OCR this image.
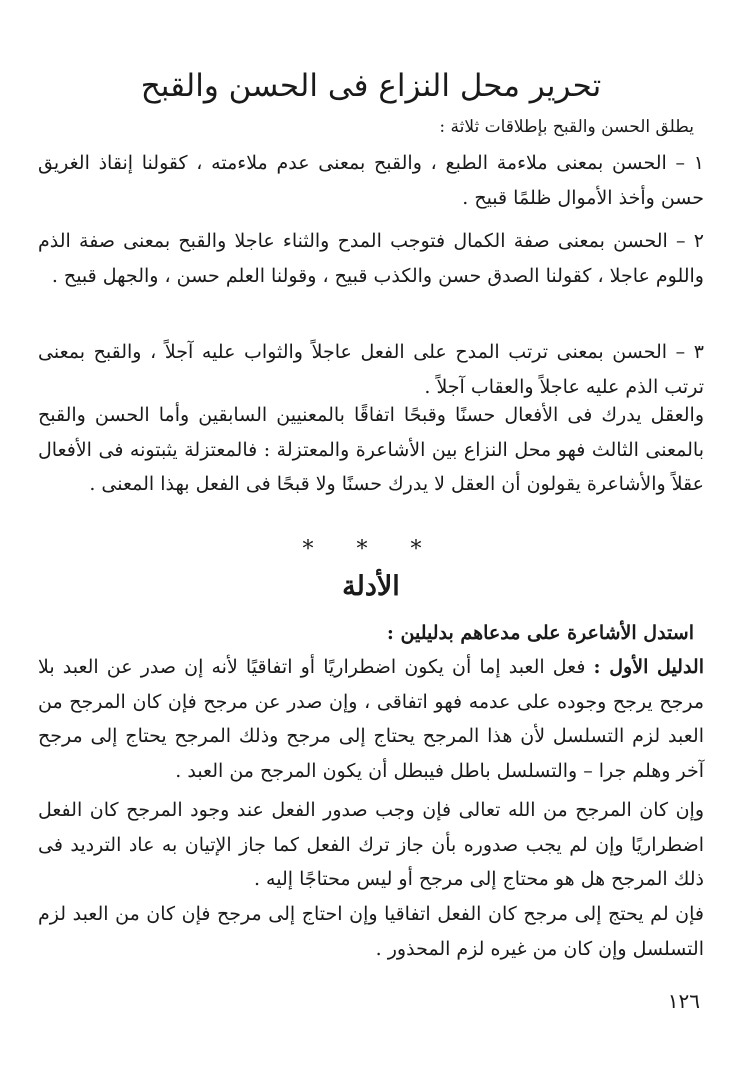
تحرير محل النزاع فى الحسن والقبح

يطلق الحسن والقبح بإطلاقات ثلاثة :

١ – الحسن بمعنى ملاءمة الطبع ، والقبح بمعنى عدم ملاءمته ، كقولنا إنقاذ الغريق حسن وأخذ الأموال ظلمًا قبيح .

٢ – الحسن بمعنى صفة الكمال فتوجب المدح والثناء عاجلا والقبح بمعنى صفة الذم واللوم عاجلا ، كقولنا الصدق حسن والكذب قبيح ، وقولنا العلم حسن ، والجهل قبيح .

٣ – الحسن بمعنى ترتب المدح على الفعل عاجلاً والثواب عليه آجلاً ، والقبح بمعنى ترتب الذم عليه عاجلاً والعقاب آجلاً .

والعقل يدرك فى الأفعال حسنًا وقبحًا اتفاقًا بالمعنيين السابقين وأما الحسن والقبح بالمعنى الثالث فهو محل النزاع بين الأشاعرة والمعتزلة : فالمعتزلة يثبتونه فى الأفعال عقلاً والأشاعرة يقولون أن العقل لا يدرك حسنًا ولا قبحًا فى الفعل بهذا المعنى .

* * *

الأدلة

استدل الأشاعرة على مدعاهم بدليلين :

الدليل الأول : فعل العبد إما أن يكون اضطراريًا أو اتفاقيًا لأنه إن صدر عن العبد بلا مرجح يرجح وجوده على عدمه فهو اتفاقى ، وإن صدر عن مرجح فإن كان المرجح من العبد لزم التسلسل لأن هذا المرجح يحتاج إلى مرجح وذلك المرجح يحتاج إلى مرجح آخر وهلم جرا – والتسلسل باطل فيبطل أن يكون المرجح من العبد .

وإن كان المرجح من الله تعالى فإن وجب صدور الفعل عند وجود المرجح كان الفعل اضطراريًا وإن لم يجب صدوره بأن جاز ترك الفعل كما جاز الإتيان به عاد الترديد فى ذلك المرجح هل هو محتاج إلى مرجح أو ليس محتاجًا إليه .

فإن لم يحتج إلى مرجح كان الفعل اتفاقيا وإن احتاج إلى مرجح فإن كان من العبد لزم التسلسل وإن كان من غيره لزم المحذور .

١٢٦
